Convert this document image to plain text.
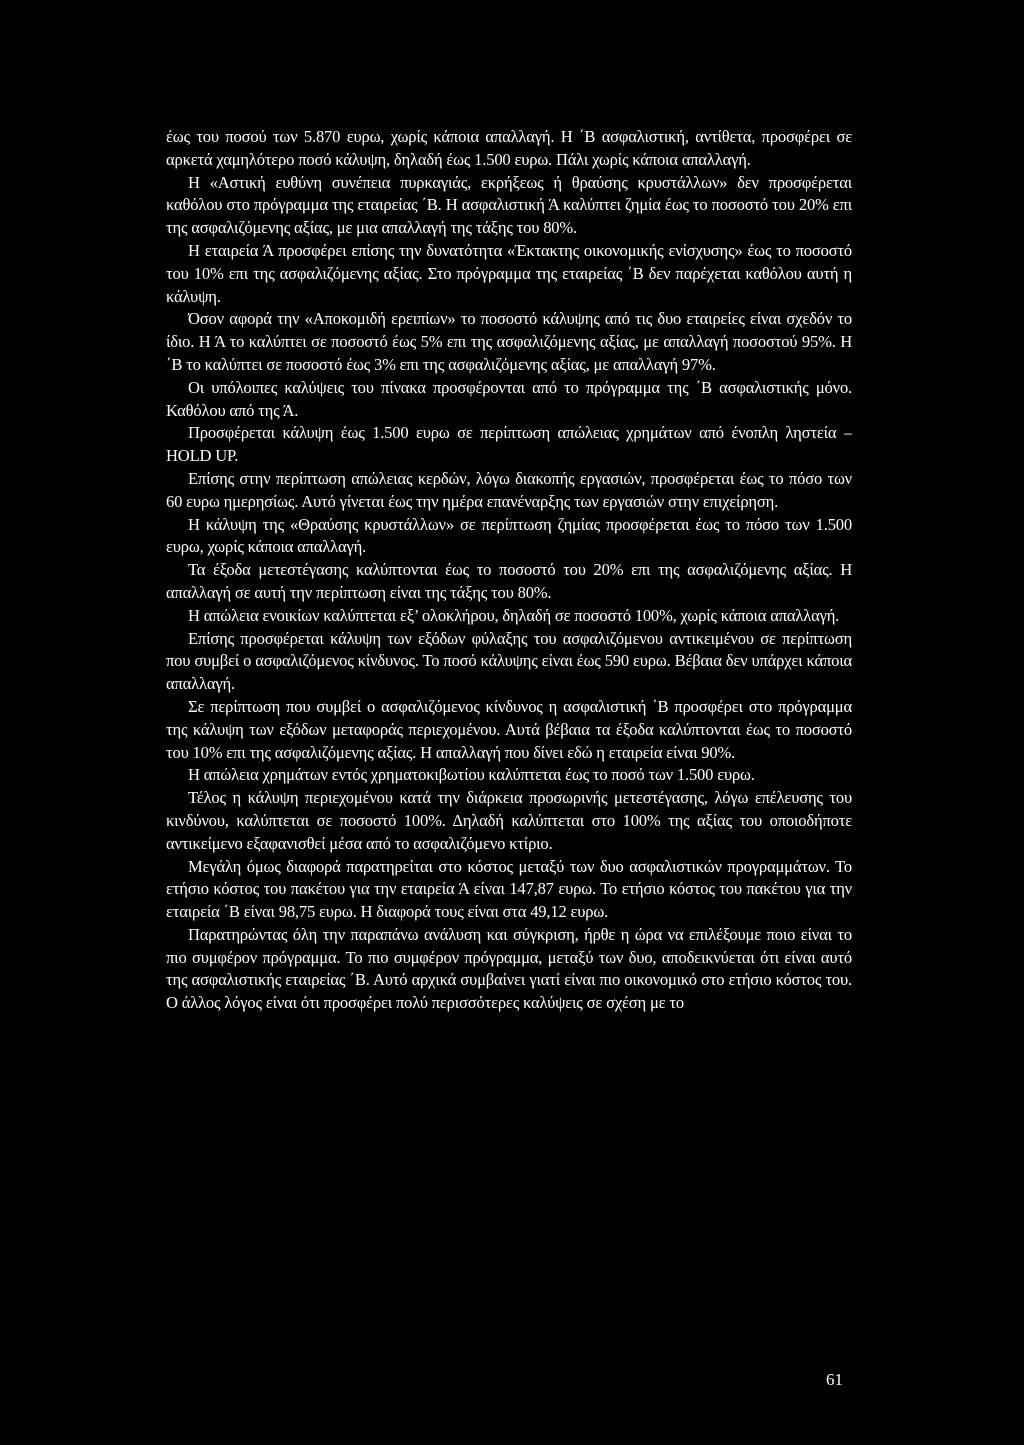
έως του ποσού των 5.870 ευρω, χωρίς κάποια απαλλαγή. Η ΄Β ασφαλιστική, αντίθετα, προσφέρει σε αρκετά χαμηλότερο ποσό κάλυψη, δηλαδή έως 1.500 ευρω. Πάλι χωρίς κάποια απαλλαγή.

Η «Αστική ευθύνη συνέπεια πυρκαγιάς, εκρήξεως ή θραύσης κρυστάλλων» δεν προσφέρεται καθόλου στο πρόγραμμα της εταιρείας ΄Β. Η ασφαλιστική Ά καλύπτει ζημία έως το ποσοστό του 20% επι της ασφαλιζόμενης αξίας, με μια απαλλαγή της τάξης του 80%.

Η εταιρεία Ά προσφέρει επίσης την δυνατότητα «Έκτακτης οικονομικής ενίσχυσης» έως το ποσοστό του 10% επι της ασφαλιζόμενης αξίας. Στο πρόγραμμα της εταιρείας ΄Β δεν παρέχεται καθόλου αυτή η κάλυψη.

Όσον αφορά την «Αποκομιδή ερειπίων» το ποσοστό κάλυψης από τις δυο εταιρείες είναι σχεδόν το ίδιο. Η Ά το καλύπτει σε ποσοστό έως 5% επι της ασφαλιζόμενης αξίας, με απαλλαγή ποσοστού 95%. Η ΄Β το καλύπτει σε ποσοστό έως 3% επι της ασφαλιζόμενης αξίας, με απαλλαγή 97%.

Οι υπόλοιπες καλύψεις του πίνακα προσφέρονται από το πρόγραμμα της ΄Β ασφαλιστικής μόνο. Καθόλου από της Ά.

Προσφέρεται κάλυψη έως 1.500 ευρω σε περίπτωση απώλειας χρημάτων από ένοπλη ληστεία – HOLD UP.

Επίσης στην περίπτωση απώλειας κερδών, λόγω διακοπής εργασιών, προσφέρεται έως το πόσο των 60 ευρω ημερησίως. Αυτό γίνεται έως την ημέρα επανέναρξης των εργασιών στην επιχείρηση.

Η κάλυψη της «Θραύσης κρυστάλλων» σε περίπτωση ζημίας προσφέρεται έως το πόσο των 1.500 ευρω, χωρίς κάποια απαλλαγή.

Τα έξοδα μετεστέγασης καλύπτονται έως το ποσοστό του 20% επι της ασφαλιζόμενης αξίας. Η απαλλαγή σε αυτή την περίπτωση είναι της τάξης του 80%.

Η απώλεια ενοικίων καλύπτεται εξ’ ολοκλήρου, δηλαδή σε ποσοστό 100%, χωρίς κάποια απαλλαγή.

Επίσης προσφέρεται κάλυψη των εξόδων φύλαξης του ασφαλιζόμενου αντικειμένου σε περίπτωση που συμβεί ο ασφαλιζόμενος κίνδυνος. Το ποσό κάλυψης είναι έως 590 ευρω. Βέβαια δεν υπάρχει κάποια απαλλαγή.

Σε περίπτωση που συμβεί ο ασφαλιζόμενος κίνδυνος η ασφαλιστική ΄Β προσφέρει στο πρόγραμμα της κάλυψη των εξόδων μεταφοράς περιεχομένου. Αυτά βέβαια τα έξοδα καλύπτονται έως το ποσοστό του 10% επι της ασφαλιζόμενης αξίας. Η απαλλαγή που δίνει εδώ η εταιρεία είναι 90%.

Η απώλεια χρημάτων εντός χρηματοκιβωτίου καλύπτεται έως το ποσό των 1.500 ευρω.

Τέλος η κάλυψη περιεχομένου κατά την διάρκεια προσωρινής μετεστέγασης, λόγω επέλευσης του κινδύνου, καλύπτεται σε ποσοστό 100%. Δηλαδή καλύπτεται στο 100% της αξίας του οποιοδήποτε αντικείμενο εξαφανισθεί μέσα από το ασφαλιζόμενο κτίριο.

Μεγάλη όμως διαφορά παρατηρείται στο κόστος μεταξύ των δυο ασφαλιστικών προγραμμάτων. Το ετήσιο κόστος του πακέτου για την εταιρεία Ά είναι 147,87 ευρω. Το ετήσιο κόστος του πακέτου για την εταιρεία ΄Β είναι 98,75 ευρω. Η διαφορά τους είναι στα 49,12 ευρω.

Παρατηρώντας όλη την παραπάνω ανάλυση και σύγκριση, ήρθε η ώρα να επιλέξουμε ποιο είναι το πιο συμφέρον πρόγραμμα. Το πιο συμφέρον πρόγραμμα, μεταξύ των δυο, αποδεικνύεται ότι είναι αυτό της ασφαλιστικής εταιρείας ΄Β. Αυτό αρχικά συμβαίνει γιατί είναι πιο οικονομικό στο ετήσιο κόστος του. Ο άλλος λόγος είναι ότι προσφέρει πολύ περισσότερες καλύψεις σε σχέση με το

61
